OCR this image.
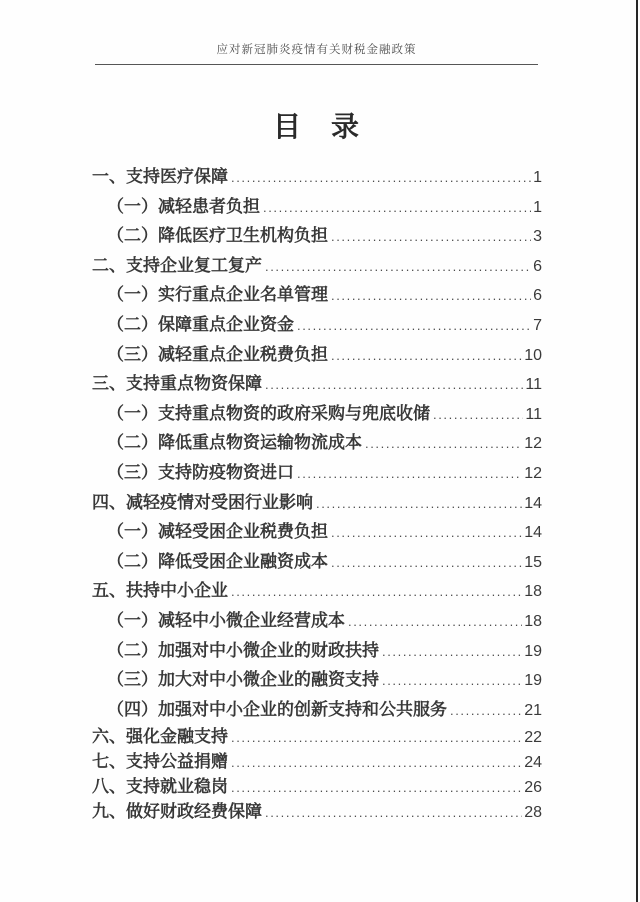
应对新冠肺炎疫情有关财税金融政策
目　录
一、支持医疗保障 .....	1
（一）减轻患者负担 .....	1
（二）降低医疗卫生机构负担 .....	3
二、支持企业复工复产 .....	6
（一）实行重点企业名单管理 .....	6
（二）保障重点企业资金 .....	7
（三）减轻重点企业税费负担 .....	10
三、支持重点物资保障 .....	11
（一）支持重点物资的政府采购与兜底收储 .....	11
（二）降低重点物资运输物流成本 .....	12
（三）支持防疫物资进口 .....	12
四、减轻疫情对受困行业影响 .....	14
（一）减轻受困企业税费负担 .....	14
（二）降低受困企业融资成本 .....	15
五、扶持中小企业 .....	18
（一）减轻中小微企业经营成本 .....	18
（二）加强对中小微企业的财政扶持 .....	19
（三）加大对中小微企业的融资支持 .....	19
（四）加强对中小企业的创新支持和公共服务 .....	21
六、强化金融支持 .....	22
七、支持公益捐赠 .....	24
八、支持就业稳岗 .....	26
九、做好财政经费保障 .....	28
